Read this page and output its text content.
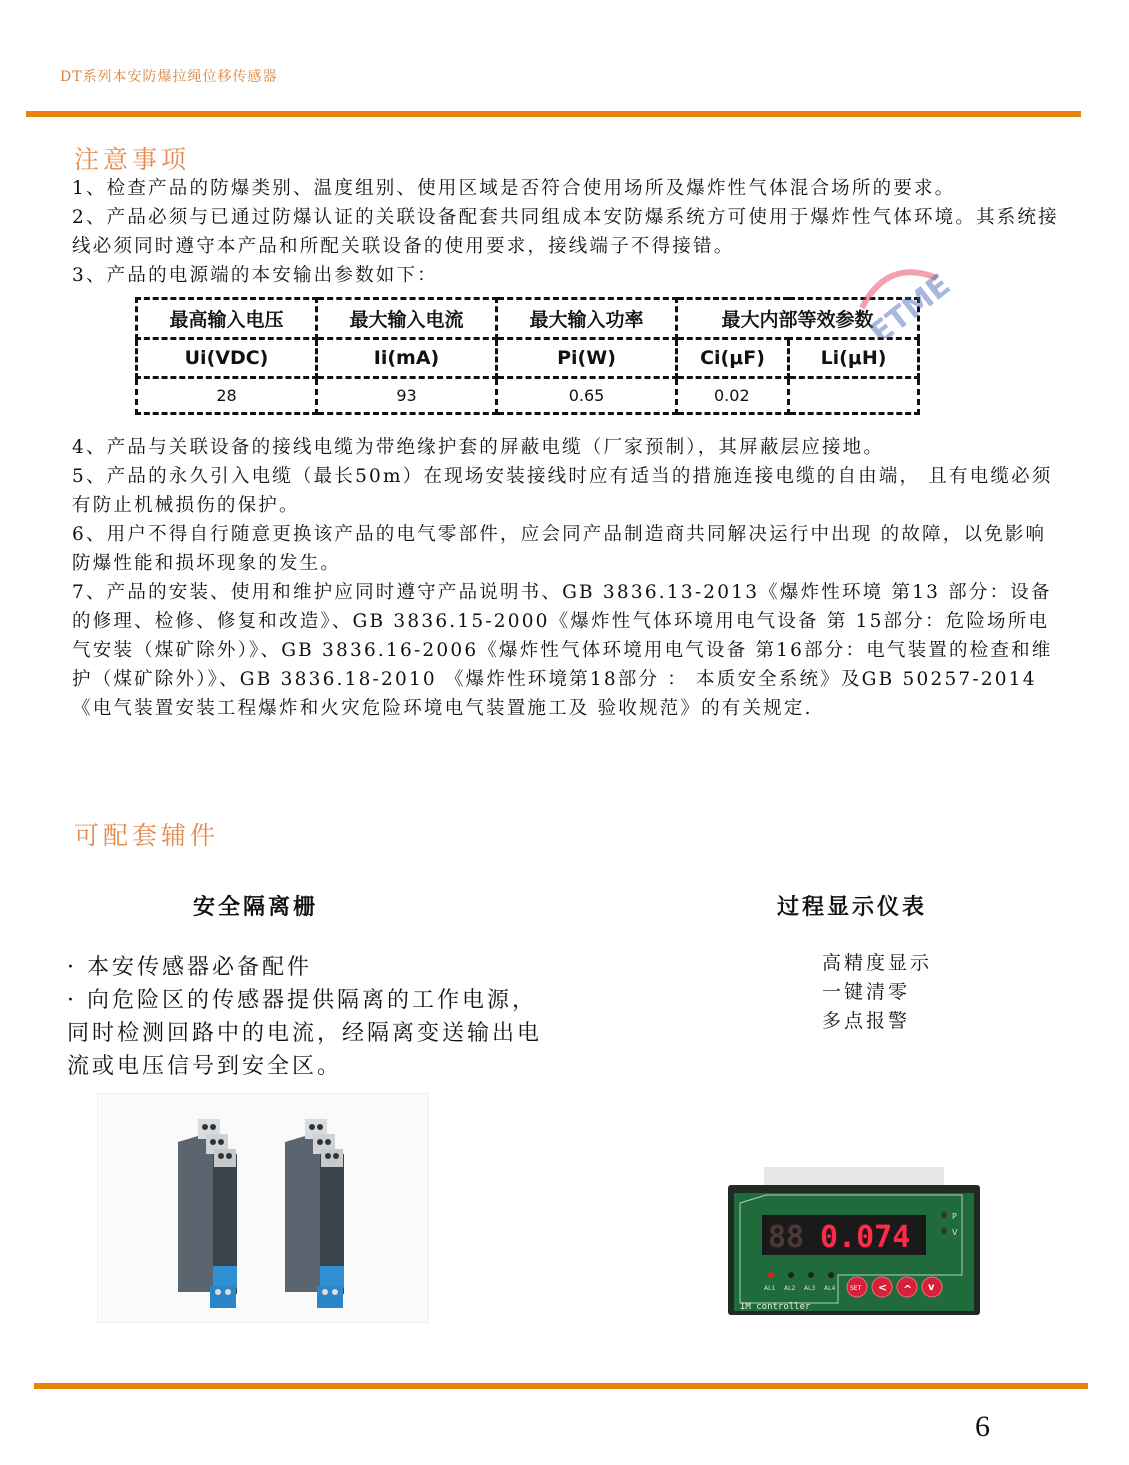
DT系列本安防爆拉绳位移传感器
注意事项

1、检查产品的防爆类别、温度组别、使用区域是否符合使用场所及爆炸性气体混合场所的要求。

2、产品必须与已通过防爆认证的关联设备配套共同组成本安防爆系统方可使用于爆炸性气体环境。其系统接线必须同时遵守本产品和所配关联设备的使用要求，接线端子不得接错。

3、产品的电源端的本安输出参数如下：

最高输入电压	最大输入电流	最大输入功率	最大内部等效参数	
Ui(VDC)	Ii(mA)	Pi(W)	Ci(μF)	Li(μH)
28	93	0.65	0.02	
ETME

4、产品与关联设备的接线电缆为带绝缘护套的屏蔽电缆（厂家预制），其屏蔽层应接地。

5、产品的永久引入电缆（最长50m）在现场安装接线时应有适当的措施连接电缆的自由端， 且有电缆必须有防止机械损伤的保护。

6、用户不得自行随意更换该产品的电气零部件，应会同产品制造商共同解决运行中出现 的故障，以免影响防爆性能和损坏现象的发生。

7、产品的安装、使用和维护应同时遵守产品说明书、GB 3836.13-2013《爆炸性环境 第13 部分：设备的修理、检修、修复和改造》、GB 3836.15-2000《爆炸性气体环境用电气设备 第 15部分：危险场所电气安装（煤矿除外）》、GB 3836.16-2006《爆炸性气体环境用电气设备 第16部分：电气装置的检查和维护（煤矿除外）》、GB 3836.18-2010 《爆炸性环境第18部分 ： 本质安全系统》及GB 50257-2014《电气装置安装工程爆炸和火灾危险环境电气装置施工及 验收规范》的有关规定.

可配套辅件
安全隔离栅

· 本安传感器必备配件

· 向危险区的传感器提供隔离的工作电源，

同时检测回路中的电流，经隔离变送输出电

流或电压信号到安全区。

过程显示仪表

高精度显示

一键清零

多点报警

88 0.074
P
V
AL1 AL2 AL3 AL4 SET < ^ v
IM controller
6
